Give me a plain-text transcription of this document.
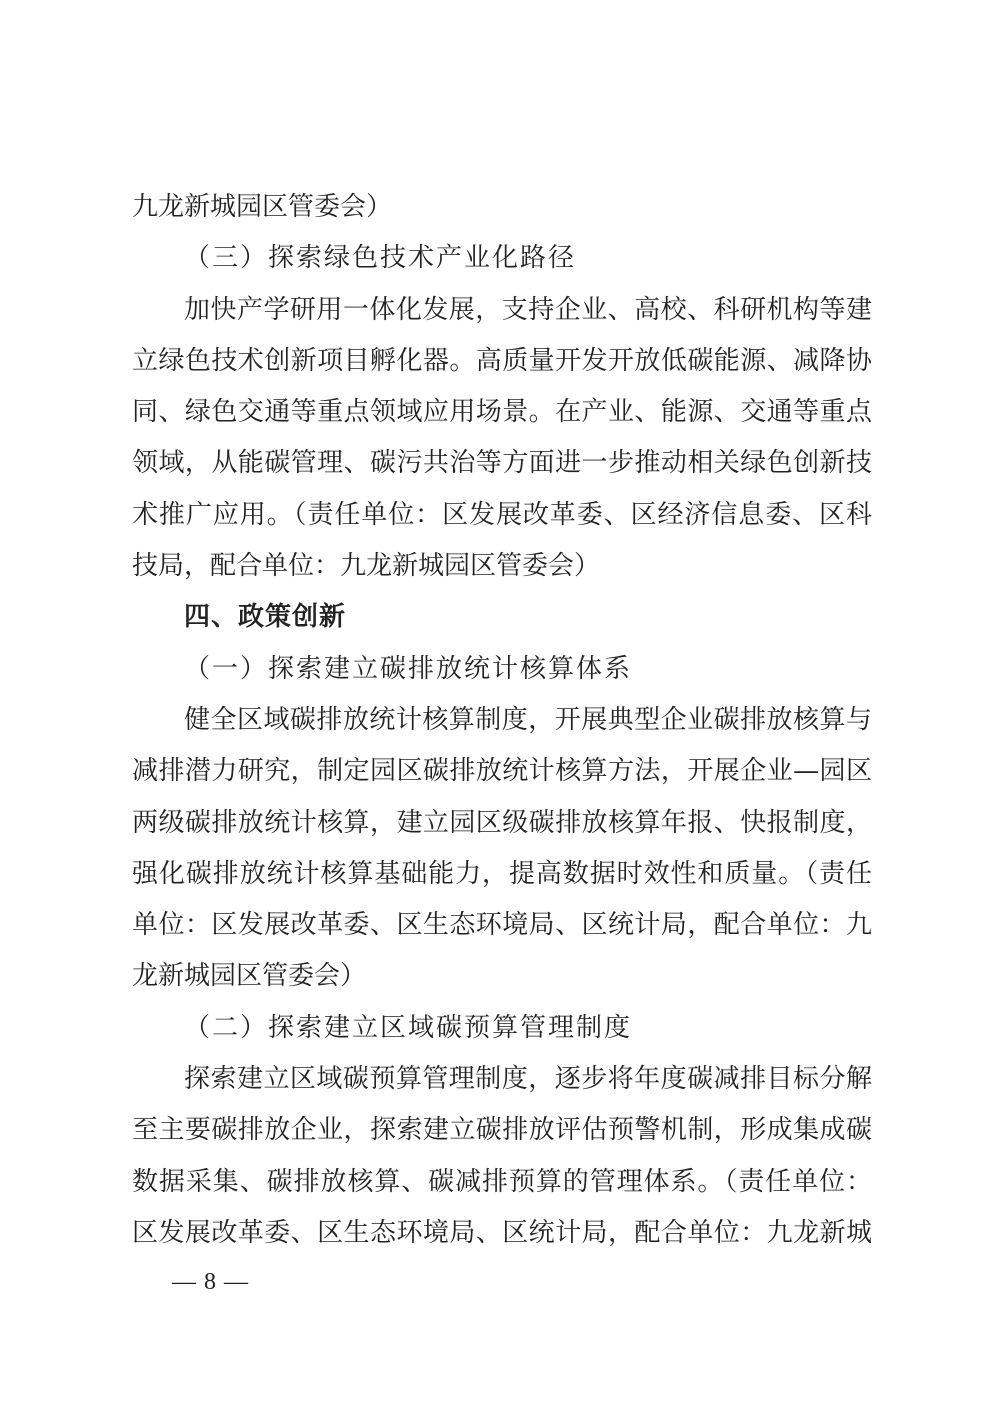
九龙新城园区管委会）
（三）探索绿色技术产业化路径
加快产学研用一体化发展，支持企业、高校、科研机构等建
立绿色技术创新项目孵化器。高质量开发开放低碳能源、减降协
同、绿色交通等重点领域应用场景。在产业、能源、交通等重点
领域，从能碳管理、碳污共治等方面进一步推动相关绿色创新技
术推广应用。（责任单位：区发展改革委、区经济信息委、区科
技局，配合单位：九龙新城园区管委会）
四、政策创新
（一）探索建立碳排放统计核算体系
健全区域碳排放统计核算制度，开展典型企业碳排放核算与
减排潜力研究，制定园区碳排放统计核算方法，开展企业—园区
两级碳排放统计核算，建立园区级碳排放核算年报、快报制度，
强化碳排放统计核算基础能力，提高数据时效性和质量。（责任
单位：区发展改革委、区生态环境局、区统计局，配合单位：九
龙新城园区管委会）
（二）探索建立区域碳预算管理制度
探索建立区域碳预算管理制度，逐步将年度碳减排目标分解
至主要碳排放企业，探索建立碳排放评估预警机制，形成集成碳
数据采集、碳排放核算、碳减排预算的管理体系。（责任单位：
区发展改革委、区生态环境局、区统计局，配合单位：九龙新城
— 8 —
